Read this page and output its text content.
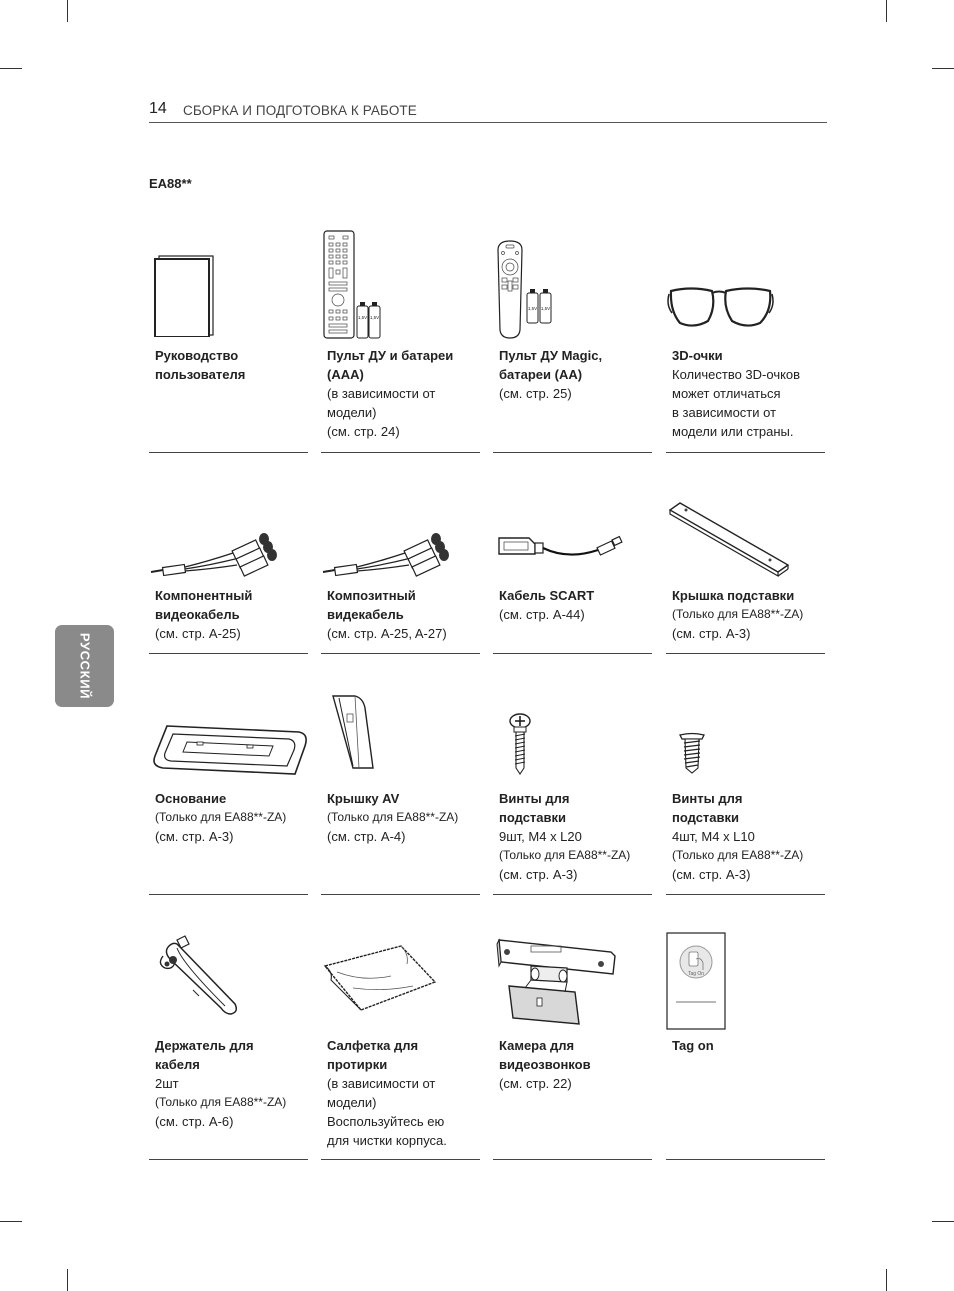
14 СБОРКА И ПОДГОТОВКА К РАБОТЕ
EA88**
РУССКИЙ
Руководство
пользователя
1,5V 1,5V
Пульт ДУ и батареи
(AAA)
(в зависимости от
модели)
(см. стр. 24)
1,5V 1,5V
Пульт ДУ Magic,
батареи (AA)
(см. стр. 25)
3D-очки
Количество 3D-очков
может отличаться
в зависимости от
модели или страны.
Компонентный
видеокабель
(см. стр. A-25)
Композитный
видекабель
(см. стр. A-25, A-27)
Кабель SCART
(см. стр. A-44)
Крышка подставки
(Только для EA88**-ZA)
(см. стр. A-3)
Основание
(Только для EA88**-ZA)
(см. стр. A-3)
Крышку AV
(Только для EA88**-ZA)
(см. стр. A-4)
Винты для
подставки
9шт, M4 x L20
(Только для EA88**-ZA)
(см. стр. A-3)
Винты для
подставки
4шт, M4 x L10
(Только для EA88**-ZA)
(см. стр. A-3)
Держатель для
кабеля
2шт
(Только для EA88**-ZA)
(см. стр. A-6)
Салфетка для
протирки
(в зависимости от
модели)
Воспользуйтесь ею
для чистки корпуса.
Камера для
видеозвонков
(см. стр. 22)
Tag On
Tag on
